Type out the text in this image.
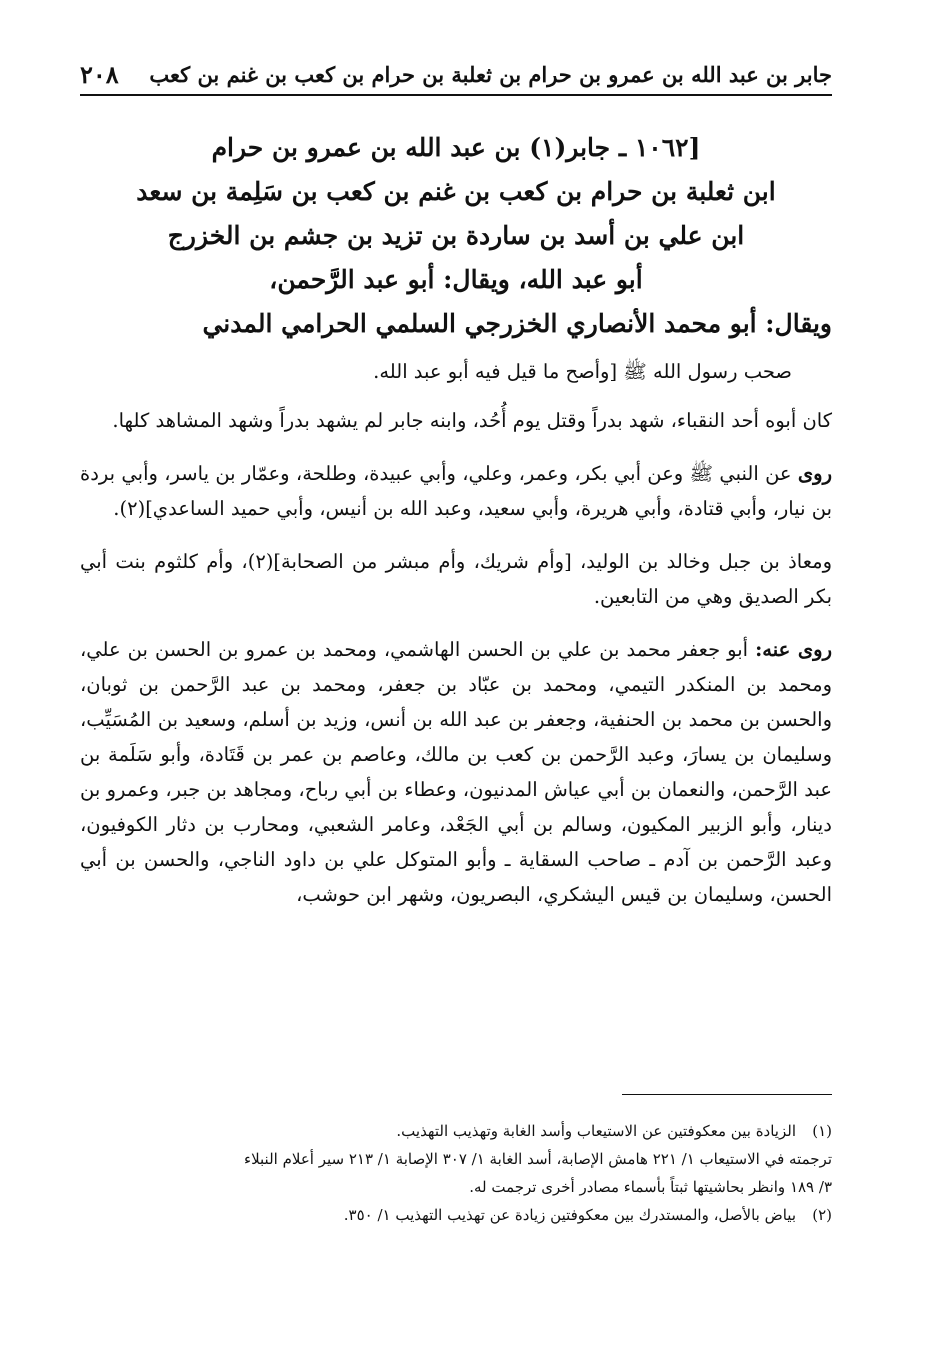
جابر بن عبد الله بن عمرو بن حرام بن ثعلبة بن حرام بن كعب بن غنم بن كعب
٢٠٨
[١٠٦٢ ـ جابر(١) بن عبد الله بن عمرو بن حرام
ابن ثعلبة بن حرام بن كعب بن غنم بن كعب بن سَلِمة بن سعد
ابن علي بن أسد بن ساردة بن تزيد بن جشم بن الخزرج
أبو عبد الله، ويقال: أبو عبد الرَّحمن،
ويقال: أبو محمد الأنصاري الخزرجي السلمي الحرامي المدني

صحب رسول الله ﷺ [وأصح ما قيل فيه أبو عبد الله.

كان أبوه أحد النقباء، شهد بدراً وقتل يوم أُحُد، وابنه جابر لم يشهد بدراً وشهد المشاهد كلها.

روى عن النبي ﷺ وعن أبي بكر، وعمر، وعلي، وأبي عبيدة، وطلحة، وعمّار بن ياسر، وأبي بردة بن نيار، وأبي قتادة، وأبي هريرة، وأبي سعيد، وعبد الله بن أنيس، وأبي حميد الساعدي](٢).

ومعاذ بن جبل وخالد بن الوليد، [وأم شريك، وأم مبشر من الصحابة](٢)، وأم كلثوم بنت أبي بكر الصديق وهي من التابعين.

روى عنه: أبو جعفر محمد بن علي بن الحسن الهاشمي، ومحمد بن عمرو بن الحسن بن علي، ومحمد بن المنكدر التيمي، ومحمد بن عبّاد بن جعفر، ومحمد بن عبد الرَّحمن بن ثوبان، والحسن بن محمد بن الحنفية، وجعفر بن عبد الله بن أنس، وزيد بن أسلم، وسعيد بن المُسَيِّب، وسليمان بن يسارَ، وعبد الرَّحمن بن كعب بن مالك، وعاصم بن عمر بن قَتَادة، وأبو سَلَمة بن عبد الرَّحمن، والنعمان بن أبي عياش المدنيون، وعطاء بن أبي رباح، ومجاهد بن جبر، وعمرو بن دينار، وأبو الزبير المكيون، وسالم بن أبي الجَعْد، وعامر الشعبي، ومحارب بن دثار الكوفيون، وعبد الرَّحمن بن آدم ـ صاحب السقاية ـ وأبو المتوكل علي بن داود الناجي، والحسن بن أبي الحسن، وسليمان بن قيس اليشكري، البصريون، وشهر ابن حوشب،

(١)الزيادة بين معكوفتين عن الاستيعاب وأسد الغابة وتهذيب التهذيب.

ترجمته في الاستيعاب ١/ ٢٢١ هامش الإصابة، أسد الغابة ١/ ٣٠٧ الإصابة ١/ ٢١٣ سير أعلام النبلاء

٣/ ١٨٩ وانظر بحاشيتها ثبتاً بأسماء مصادر أخرى ترجمت له.

(٢)بياض بالأصل، والمستدرك بين معكوفتين زيادة عن تهذيب التهذيب ١/ ٣٥٠.
